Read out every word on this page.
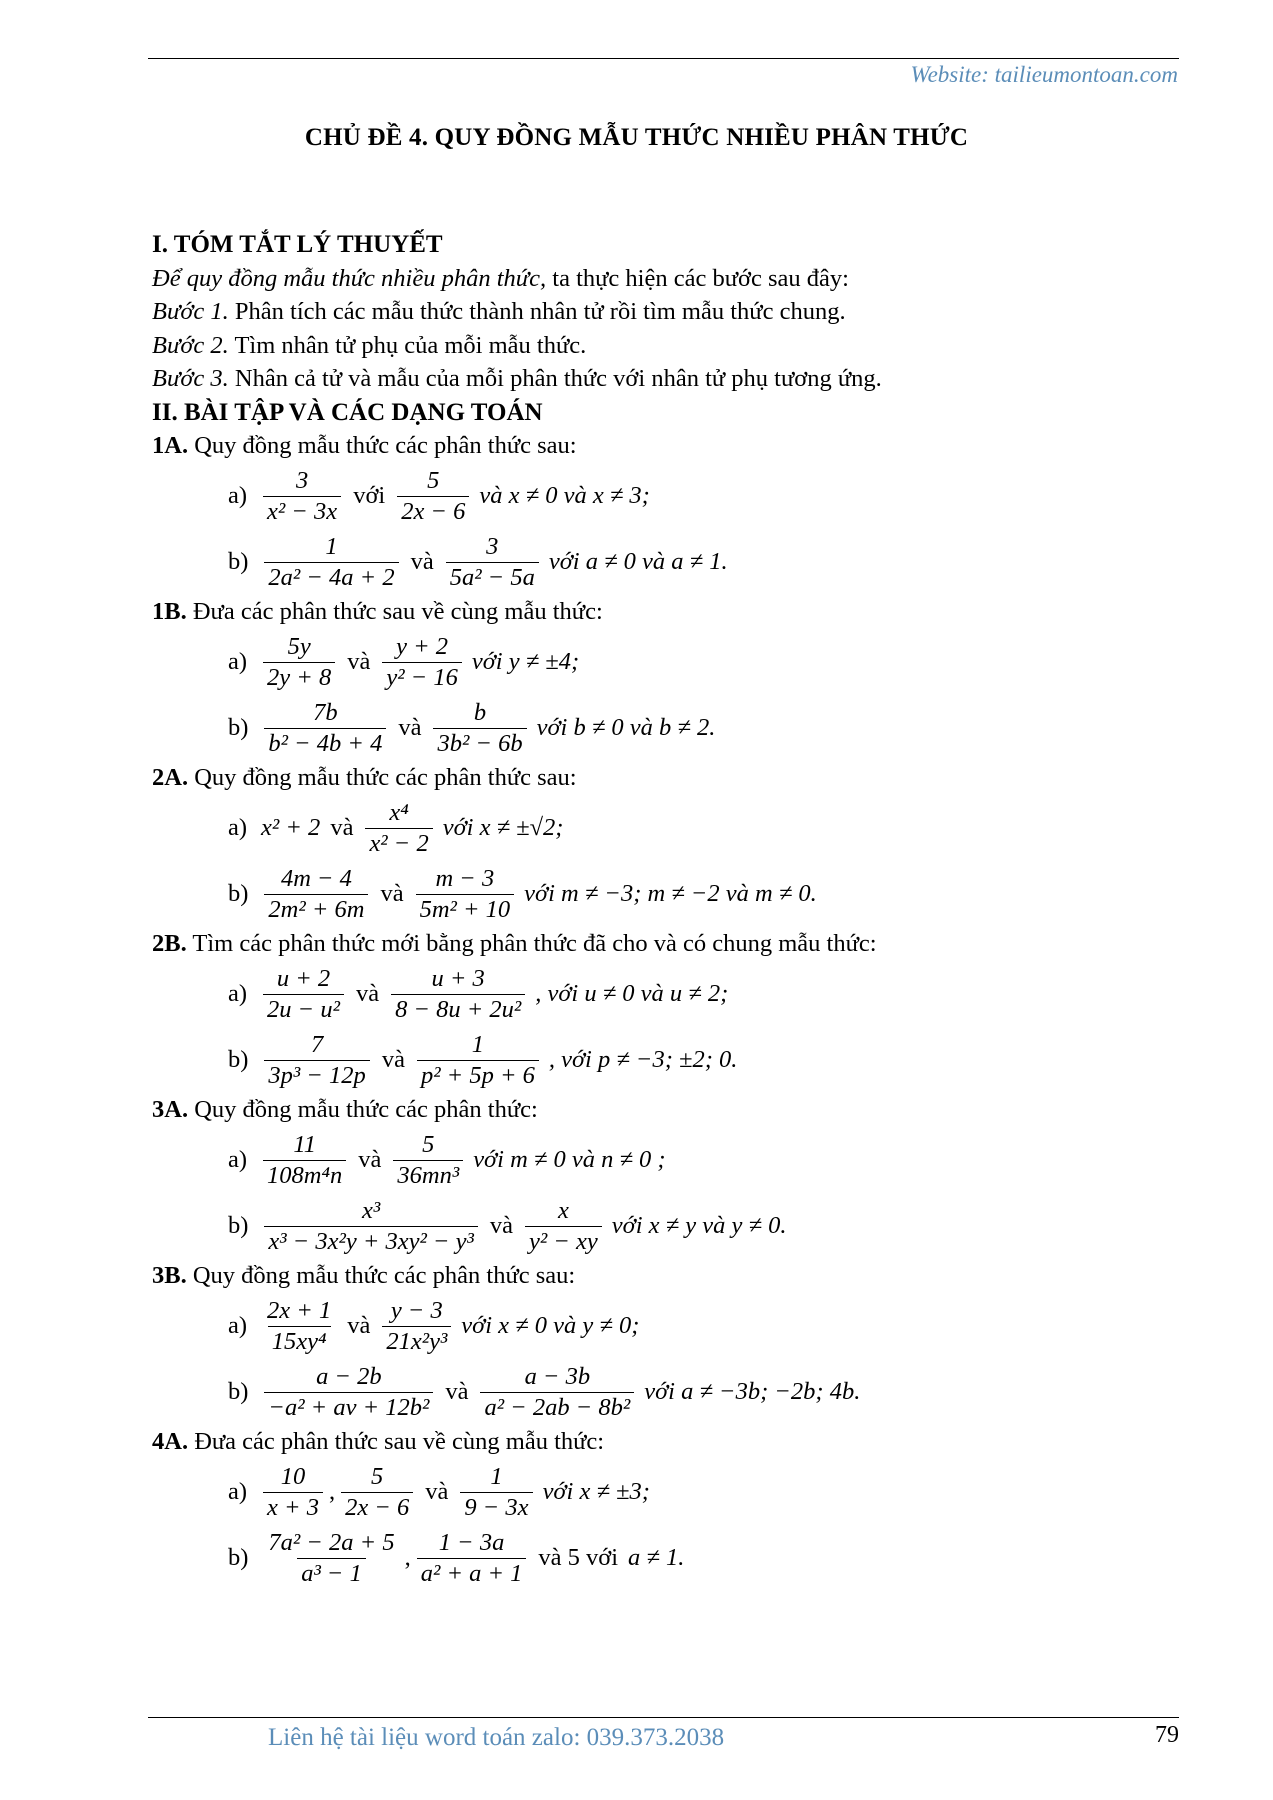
Website: tailieumontoan.com
CHỦ ĐỀ 4. QUY ĐỒNG MẪU THỨC NHIỀU PHÂN THỨC
I. TÓM TẮT LÝ THUYẾT
Để quy đồng mẫu thức nhiều phân thức, ta thực hiện các bước sau đây:
Bước 1. Phân tích các mẫu thức thành nhân tử rồi tìm mẫu thức chung.
Bước 2. Tìm nhân tử phụ của mỗi mẫu thức.
Bước 3. Nhân cả tử và mẫu của mỗi phân thức với nhân tử phụ tương ứng.
II. BÀI TẬP VÀ CÁC DẠNG TOÁN
1A. Quy đồng mẫu thức các phân thức sau:
$a) \frac{3}{\text{x² − 3x}}$ với $\frac{5}{2x - 6}$ và x ≠ 0 và x ≠ 3;
$b) \frac{1}{\text{2a² − 4a + 2}}$ và $\frac{3}{\text{5a² − 5a}}$ với a ≠ 0 và a ≠ 1.
1B. Đưa các phân thức sau về cùng mẫu thức:
$a) \frac{5y}{2y + 8}$ và $\frac{y + 2}{\text{y² − 16}}$ với y ≠ ±4;
$b) \frac{7b}{\text{b² − 4b + 4}}$ và $\frac{b}{\text{3b² − 6b}}$ với b ≠ 0 và b ≠ 2.
2A. Quy đồng mẫu thức các phân thức sau:
a) x² + 2 và $\frac{\text{x⁴}}{\text{x² − 2}}$ với x ≠ ±√2;
$b) \frac{4m - 4}{\text{2m² + 6m}}$ và $\frac{m - 3}{\text{5m² + 10}}$ với m ≠ −3; m ≠ −2 và m ≠ 0.
2B. Tìm các phân thức mới bằng phân thức đã cho và có chung mẫu thức:
$a) \frac{u + 2}{\text{2u − u²}}$ và $\frac{u + 3}{\text{8 − 8u + 2u²}}$ , với u ≠ 0 và u ≠ 2;
$b) \frac{7}{\text{3p³ − 12p}}$ và $\frac{1}{\text{p² + 5p + 6}}$ , với p ≠ −3; ±2; 0.
3A. Quy đồng mẫu thức các phân thức:
$a) \frac{11}{\text{108m⁴n}}$ và $\frac{5}{\text{36mn³}}$ với m ≠ 0 và n ≠ 0 ;
$b) \frac{\text{x³}}{\text{x³ − 3x²y + 3xy² − y³}}$ và $\frac{x}{\text{y² − xy}}$ với x ≠ y và y ≠ 0.
3B. Quy đồng mẫu thức các phân thức sau:
$a) \frac{2x + 1}{\text{15xy⁴}}$ và $\frac{y - 3}{\text{21x²y³}}$ với x ≠ 0 và y ≠ 0;
$b) \frac{a - 2b}{\text{−a² + av + 12b²}}$ và $\frac{a - 3b}{\text{a² − 2ab − 8b²}}$ với a ≠ −3b; −2b; 4b.
4A. Đưa các phân thức sau về cùng mẫu thức:
$a) \frac{10}{x + 3}$ , $\frac{5}{2x - 6}$ và $\frac{1}{9 - 3x}$ với x ≠ ±3;
$b) \frac{\text{7a² − 2a + 5}}{\text{a³ − 1}}$ , $\frac{1 - 3a}{\text{a² + a + 1}}$ và 5 với a ≠ 1.
Liên hệ tài liệu word toán zalo: 039.373.2038	79
